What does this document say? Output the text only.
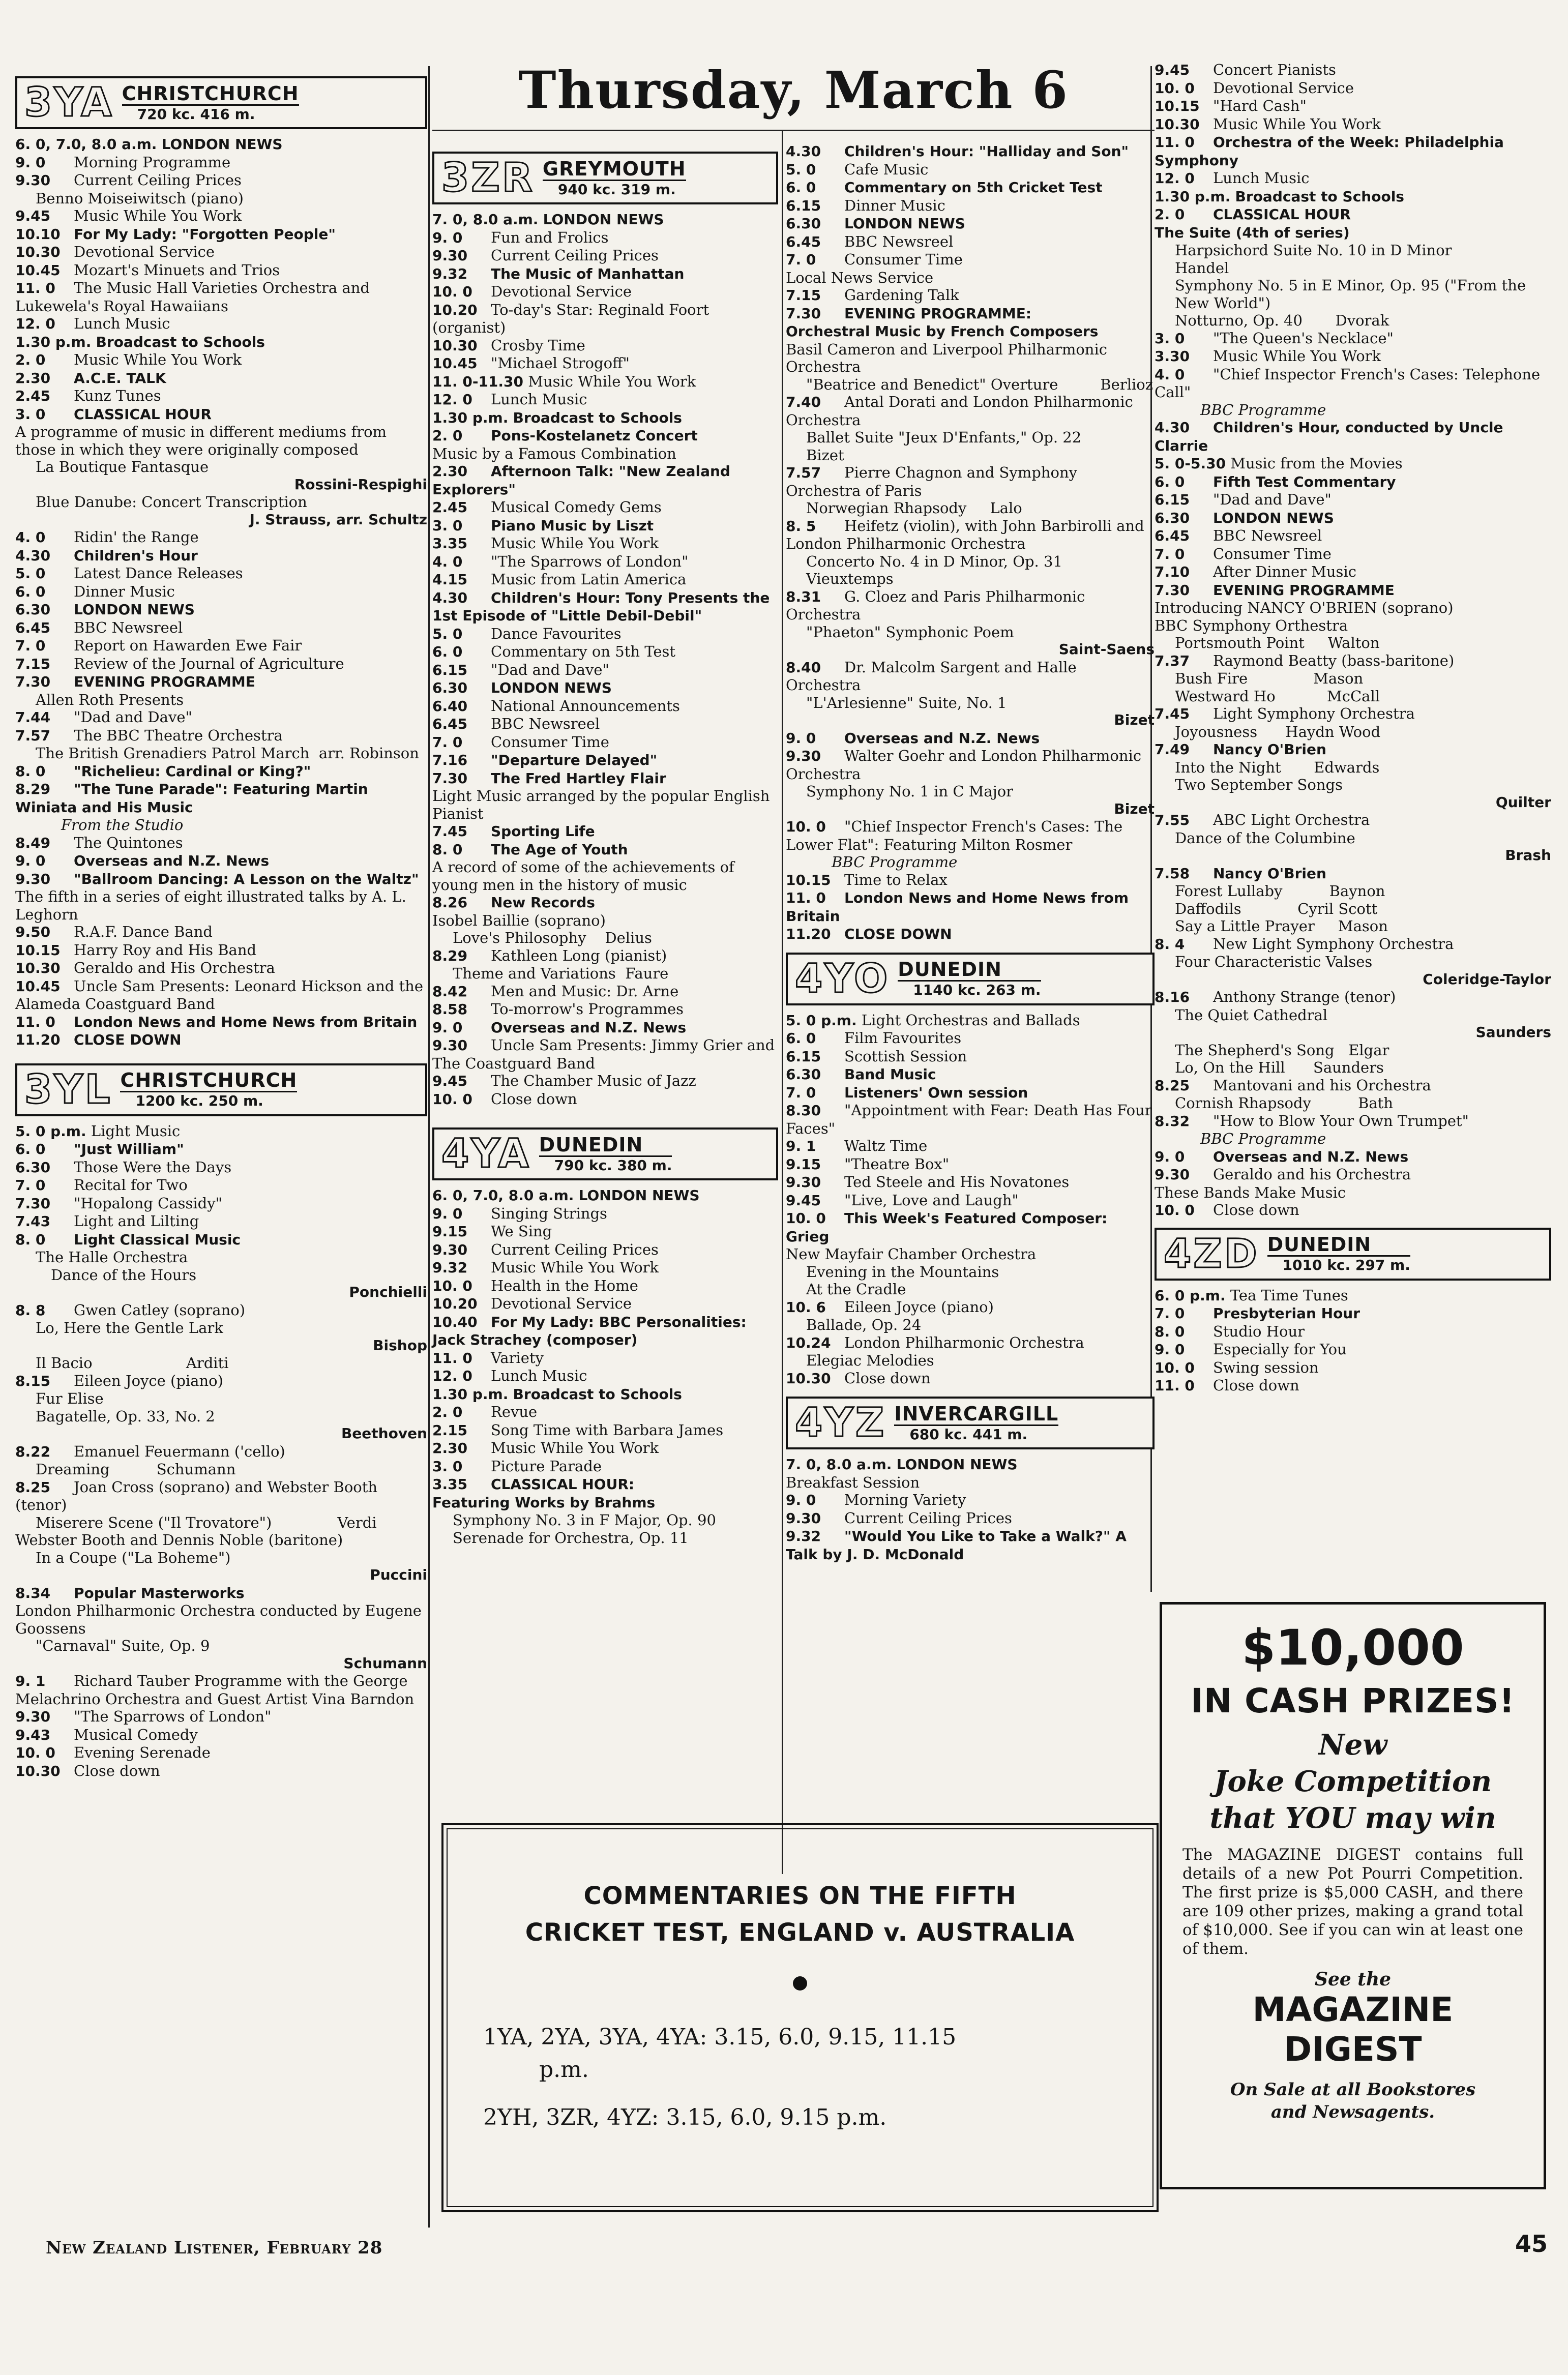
Thursday, March 6
3YA CHRISTCHURCH
720 kc. 416 m.
6. 0, 7.0, 8.0 a.m. LONDON NEWS
9. 0 Morning Programme
9.30 Current Ceiling Prices
Benno Moiseiwitsch (piano)
9.45 Music While You Work
10.10 For My Lady: "Forgotten People"
10.30 Devotional Service
10.45 Mozart's Minuets and Trios
11. 0 The Music Hall Varieties Orchestra and Lukewela's Royal Hawaiians
12. 0 Lunch Music
1.30 p.m. Broadcast to Schools
2. 0 Music While You Work
2.30 A.C.E. TALK
2.45 Kunz Tunes
3. 0 CLASSICAL HOUR
A programme of music in different mediums from those in which they were originally composed
La Boutique Fantasque
Rossini-Respighi
Blue Danube: Concert Transcription
J. Strauss, arr. Schultz
4. 0 Ridin' the Range
4.30 Children's Hour
5. 0 Latest Dance Releases
6. 0 Dinner Music
6.30 LONDON NEWS
6.45 BBC Newsreel
7. 0 Report on Hawarden Ewe Fair
7.15 Review of the Journal of Agriculture
7.30 EVENING PROGRAMME
Allen Roth Presents
7.44 "Dad and Dave"
7.57 The BBC Theatre Orchestra
The British Grenadiers Patrol March  arr. Robinson
8. 0 "Richelieu: Cardinal or King?"
8.29 "The Tune Parade": Featuring Martin Winiata and His Music
From the Studio
8.49 The Quintones
9. 0 Overseas and N.Z. News
9.30 "Ballroom Dancing: A Lesson on the Waltz"
The fifth in a series of eight illustrated talks by A. L. Leghorn
9.50 R.A.F. Dance Band
10.15 Harry Roy and His Band
10.30 Geraldo and His Orchestra
10.45 Uncle Sam Presents: Leonard Hickson and the Alameda Coastguard Band
11. 0 London News and Home News from Britain
11.20 CLOSE DOWN
3YL CHRISTCHURCH
1200 kc. 250 m.
5. 0 p.m. Light Music
6. 0 "Just William"
6.30 Those Were the Days
7. 0 Recital for Two
7.30 "Hopalong Cassidy"
7.43 Light and Lilting
8. 0 Light Classical Music
The Halle Orchestra
Dance of the Hours
Ponchielli
8. 8 Gwen Catley (soprano)
Lo, Here the Gentle Lark
Bishop
Il Bacio                    Arditi
8.15 Eileen Joyce (piano)
Fur Elise
Bagatelle, Op. 33, No. 2
Beethoven
8.22 Emanuel Feuermann ('cello)
Dreaming          Schumann
8.25 Joan Cross (soprano) and Webster Booth (tenor)
Miserere Scene ("Il Trovatore")              Verdi
Webster Booth and Dennis Noble (baritone)
In a Coupe ("La Boheme")
Puccini
8.34 Popular Masterworks
London Philharmonic Orchestra conducted by Eugene Goossens
"Carnaval" Suite, Op. 9
Schumann
9. 1 Richard Tauber Programme with the George Melachrino Orchestra and Guest Artist Vina Barndon
9.30 "The Sparrows of London"
9.43 Musical Comedy
10. 0 Evening Serenade
10.30 Close down
3ZR GREYMOUTH
940 kc. 319 m.
7. 0, 8.0 a.m. LONDON NEWS
9. 0 Fun and Frolics
9.30 Current Ceiling Prices
9.32 The Music of Manhattan
10. 0 Devotional Service
10.20 To-day's Star: Reginald Foort (organist)
10.30 Crosby Time
10.45 "Michael Strogoff"
11. 0-11.30 Music While You Work
12. 0 Lunch Music
1.30 p.m. Broadcast to Schools
2. 0 Pons-Kostelanetz Concert
Music by a Famous Combination
2.30 Afternoon Talk: "New Zealand Explorers"
2.45 Musical Comedy Gems
3. 0 Piano Music by Liszt
3.35 Music While You Work
4. 0 "The Sparrows of London"
4.15 Music from Latin America
4.30 Children's Hour: Tony Presents the 1st Episode of "Little Debil-Debil"
5. 0 Dance Favourites
6. 0 Commentary on 5th Test
6.15 "Dad and Dave"
6.30 LONDON NEWS
6.40 National Announcements
6.45 BBC Newsreel
7. 0 Consumer Time
7.16 "Departure Delayed"
7.30 The Fred Hartley Flair
Light Music arranged by the popular English Pianist
7.45 Sporting Life
8. 0 The Age of Youth
A record of some of the achievements of young men in the history of music
8.26 New Records
Isobel Baillie (soprano)
Love's Philosophy    Delius
8.29 Kathleen Long (pianist)
Theme and Variations  Faure
8.42 Men and Music: Dr. Arne
8.58 To-morrow's Programmes
9. 0 Overseas and N.Z. News
9.30 Uncle Sam Presents: Jimmy Grier and The Coastguard Band
9.45 The Chamber Music of Jazz
10. 0 Close down
4YA DUNEDIN
790 kc. 380 m.
6. 0, 7.0, 8.0 a.m. LONDON NEWS
9. 0 Singing Strings
9.15 We Sing
9.30 Current Ceiling Prices
9.32 Music While You Work
10. 0 Health in the Home
10.20 Devotional Service
10.40 For My Lady: BBC Personalities: Jack Strachey (composer)
11. 0 Variety
12. 0 Lunch Music
1.30 p.m. Broadcast to Schools
2. 0 Revue
2.15 Song Time with Barbara James
2.30 Music While You Work
3. 0 Picture Parade
3.35 CLASSICAL HOUR:
Featuring Works by Brahms
Symphony No. 3 in F Major, Op. 90
Serenade for Orchestra, Op. 11
4.30 Children's Hour: "Halliday and Son"
5. 0 Cafe Music
6. 0 Commentary on 5th Cricket Test
6.15 Dinner Music
6.30 LONDON NEWS
6.45 BBC Newsreel
7. 0 Consumer Time
Local News Service
7.15 Gardening Talk
7.30 EVENING PROGRAMME:
Orchestral Music by French Composers
Basil Cameron and Liverpool Philharmonic Orchestra
"Beatrice and Benedict" Overture         Berlioz
7.40 Antal Dorati and London Philharmonic Orchestra
Ballet Suite "Jeux D'Enfants," Op. 22          Bizet
7.57 Pierre Chagnon and Symphony Orchestra of Paris
Norwegian Rhapsody     Lalo
8. 5 Heifetz (violin), with John Barbirolli and London Philharmonic Orchestra
Concerto No. 4 in D Minor, Op. 31        Vieuxtemps
8.31 G. Cloez and Paris Philharmonic Orchestra
"Phaeton" Symphonic Poem
Saint-Saens
8.40 Dr. Malcolm Sargent and Halle Orchestra
"L'Arlesienne" Suite, No. 1
Bizet
9. 0 Overseas and N.Z. News
9.30 Walter Goehr and London Philharmonic Orchestra
Symphony No. 1 in C Major
Bizet
10. 0 "Chief Inspector French's Cases: The Lower Flat": Featuring Milton Rosmer
BBC Programme
10.15 Time to Relax
11. 0 London News and Home News from Britain
11.20 CLOSE DOWN
4YO DUNEDIN
1140 kc. 263 m.
5. 0 p.m. Light Orchestras and Ballads
6. 0 Film Favourites
6.15 Scottish Session
6.30 Band Music
7. 0 Listeners' Own session
8.30 "Appointment with Fear: Death Has Four Faces"
9. 1 Waltz Time
9.15 "Theatre Box"
9.30 Ted Steele and His Novatones
9.45 "Live, Love and Laugh"
10. 0 This Week's Featured Composer: Grieg
New Mayfair Chamber Orchestra
Evening in the Mountains
At the Cradle
10. 6 Eileen Joyce (piano)
Ballade, Op. 24
10.24 London Philharmonic Orchestra
Elegiac Melodies
10.30 Close down
4YZ INVERCARGILL
680 kc. 441 m.
7. 0, 8.0 a.m. LONDON NEWS
Breakfast Session
9. 0 Morning Variety
9.30 Current Ceiling Prices
9.32 "Would You Like to Take a Walk?" A Talk by J. D. McDonald
9.45 Concert Pianists
10. 0 Devotional Service
10.15 "Hard Cash"
10.30 Music While You Work
11. 0 Orchestra of the Week: Philadelphia Symphony
12. 0 Lunch Music
1.30 p.m. Broadcast to Schools
2. 0 CLASSICAL HOUR
The Suite (4th of series)
Harpsichord Suite No. 10 in D Minor              Handel
Symphony No. 5 in E Minor, Op. 95 ("From the New World")
Notturno, Op. 40       Dvorak
3. 0 "The Queen's Necklace"
3.30 Music While You Work
4. 0 "Chief Inspector French's Cases: Telephone Call"
BBC Programme
4.30 Children's Hour, conducted by Uncle Clarrie
5. 0-5.30 Music from the Movies
6. 0 Fifth Test Commentary
6.15 "Dad and Dave"
6.30 LONDON NEWS
6.45 BBC Newsreel
7. 0 Consumer Time
7.10 After Dinner Music
7.30 EVENING PROGRAMME
Introducing NANCY O'BRIEN (soprano)
BBC Symphony Orthestra
Portsmouth Point     Walton
7.37 Raymond Beatty (bass-baritone)
Bush Fire              Mason
Westward Ho           McCall
7.45 Light Symphony Orchestra
Joyousness      Haydn Wood
7.49 Nancy O'Brien
Into the Night       Edwards
Two September Songs
Quilter
7.55 ABC Light Orchestra
Dance of the Columbine
Brash
7.58 Nancy O'Brien
Forest Lullaby          Baynon
Daffodils            Cyril Scott
Say a Little Prayer     Mason
8. 4 New Light Symphony Orchestra
Four Characteristic Valses
Coleridge-Taylor
8.16 Anthony Strange (tenor)
The Quiet Cathedral
Saunders
The Shepherd's Song   Elgar
Lo, On the Hill      Saunders
8.25 Mantovani and his Orchestra
Cornish Rhapsody          Bath
8.32 "How to Blow Your Own Trumpet"
BBC Programme
9. 0 Overseas and N.Z. News
9.30 Geraldo and his Orchestra
These Bands Make Music
10. 0 Close down
4ZD DUNEDIN
1010 kc. 297 m.
6. 0 p.m. Tea Time Tunes
7. 0 Presbyterian Hour
8. 0 Studio Hour
9. 0 Especially for You
10. 0 Swing session
11. 0 Close down
COMMENTARIES ON THE FIFTH
CRICKET TEST, ENGLAND v. AUSTRALIA
1YA, 2YA, 3YA, 4YA: 3.15, 6.0, 9.15, 11.15
p.m.
2YH, 3ZR, 4YZ: 3.15, 6.0, 9.15 p.m.
$10,000
IN CASH PRIZES!
New
Joke Competition
that YOU may win
The MAGAZINE DIGEST contains full details of a new Pot Pourri Competition. The first prize is $5,000 CASH, and there are 109 other prizes, making a grand total of $10,000. See if you can win at least one of them.
See the
MAGAZINE
DIGEST
On Sale at all Bookstores
and Newsagents.
New Zealand Listener, February 28	45
